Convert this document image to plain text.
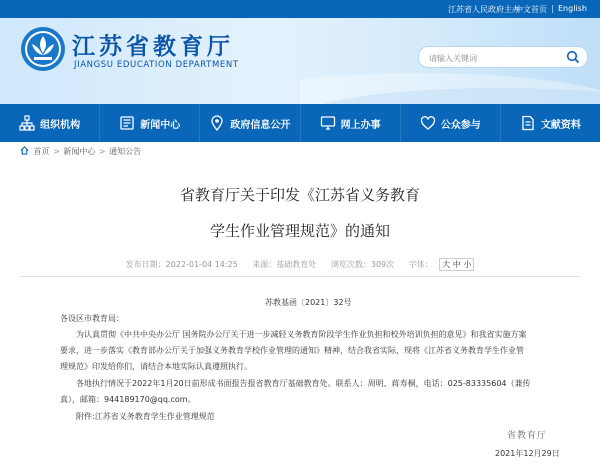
江苏省人民政府主办
中文首页 | English
江苏省教育厅
JIANGSU EDUCATION DEPARTMENT
请输入关键词
组织机构	新闻中心	政府信息公开	网上办事	公众参与	文献资料
首页 > 新闻中心 > 通知公告
省教育厅关于印发《江苏省义务教育
学生作业管理规范》的通知
发布日期：2022-01-04 14:25 来源：基础教育处 浏览次数：309次 字体： 大 中 小
苏教基函〔2021〕32号
各设区市教育局：
为认真贯彻《中共中央办公厅 国务院办公厅关于进一步减轻义务教育阶段学生作业负担和校外培训负担的意见》和我省实施方案
要求，进一步落实《教育部办公厅关于加强义务教育学校作业管理的通知》精神，结合我省实际，现将《江苏省义务教育学生作业管
理规范》印发给你们，请结合本地实际认真遵照执行。
各地执行情况于2022年1月20日前形成书面报告报省教育厅基础教育处。联系人：周明、蒋寿桐，电话：025-83335604（兼传
真），邮箱：944189170@qq.com。
附件:江苏省义务教育学生作业管理规范
省教育厅
2021年12月29日
